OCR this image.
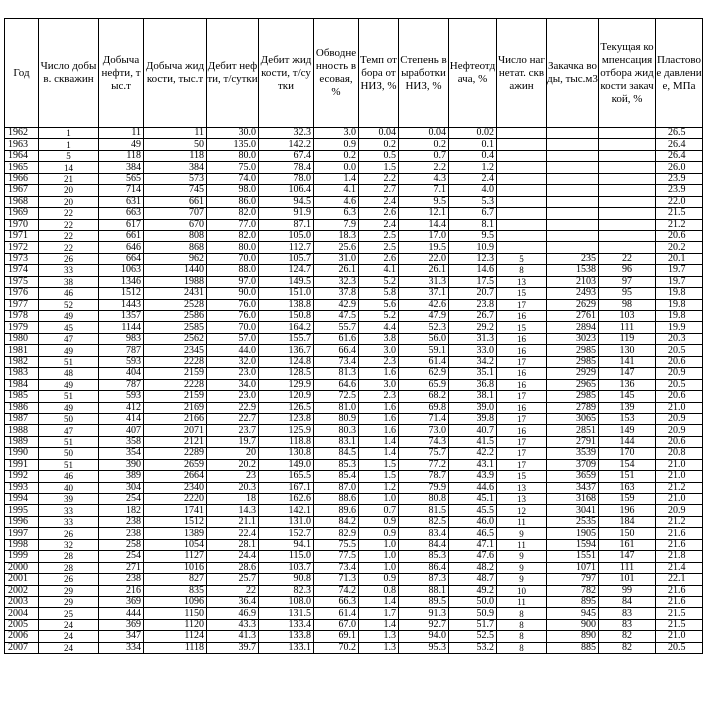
Год	Число добыв. скважин	Добыча нефти, тыс.т	Добыча жидкости, тыс.т	Дебит нефти, т/сутки	Дебит жидкости, т/сутки	Обводненность весовая, %	Темп отбора от НИЗ, %	Степень выработки НИЗ, %	Нефтеотдача, %	Число нагнетат. скважин	Закачка воды, тыс.м3	Текущая компенсация отбора жидкости закачкой, %	Пластовое давление, МПа
1962	1	11	11	30.0	32.3	3.0	0.04	0.04	0.02				26.5
1963	1	49	50	135.0	142.2	0.9	0.2	0.2	0.1				26.4
1964	5	118	118	80.0	67.4	0.2	0.5	0.7	0.4				26.4
1965	14	384	384	75.0	78.4	0.0	1.5	2.2	1.2				26.0
1966	21	565	573	74.0	78.0	1.4	2.2	4.3	2.4				23.9
1967	20	714	745	98.0	106.4	4.1	2.7	7.1	4.0				23.9
1968	20	631	661	86.0	94.5	4.6	2.4	9.5	5.3				22.0
1969	22	663	707	82.0	91.9	6.3	2.6	12.1	6.7				21.5
1970	22	617	670	77.0	87.1	7.9	2.4	14.4	8.1				21.2
1971	22	661	808	82.0	105.0	18.3	2.5	17.0	9.5				20.6
1972	22	646	868	80.0	112.7	25.6	2.5	19.5	10.9				20.2
1973	26	664	962	70.0	105.7	31.0	2.6	22.0	12.3	5	235	22	20.1
1974	33	1063	1440	88.0	124.7	26.1	4.1	26.1	14.6	8	1538	96	19.7
1975	38	1346	1988	97.0	149.5	32.3	5.2	31.3	17.5	13	2103	97	19.7
1976	46	1512	2431	90.0	151.0	37.8	5.8	37.1	20.7	15	2493	95	19.8
1977	52	1443	2528	76.0	138.8	42.9	5.6	42.6	23.8	17	2629	98	19.8
1978	49	1357	2586	76.0	150.8	47.5	5.2	47.9	26.7	16	2761	103	19.8
1979	45	1144	2585	70.0	164.2	55.7	4.4	52.3	29.2	15	2894	111	19.9
1980	47	983	2562	57.0	155.7	61.6	3.8	56.0	31.3	16	3023	119	20.3
1981	49	787	2345	44.0	136.7	66.4	3.0	59.1	33.0	16	2985	130	20.5
1982	51	593	2228	32.0	124.8	73.4	2.3	61.4	34.2	17	2985	141	20.6
1983	48	404	2159	23.0	128.5	81.3	1.6	62.9	35.1	16	2929	147	20.9
1984	49	787	2228	34.0	129.9	64.6	3.0	65.9	36.8	16	2965	136	20.5
1985	51	593	2159	23.0	120.9	72.5	2.3	68.2	38.1	17	2985	145	20.6
1986	49	412	2169	22.9	126.5	81.0	1.6	69.8	39.0	16	2789	139	21.0
1987	50	414	2166	22.7	123.8	80.9	1.6	71.4	39.8	17	3065	153	20.9
1988	47	407	2071	23.7	125.9	80.3	1.6	73.0	40.7	16	2851	149	20.9
1989	51	358	2121	19.7	118.8	83.1	1.4	74.3	41.5	17	2791	144	20.6
1990	50	354	2289	20	130.8	84.5	1.4	75.7	42.2	17	3539	170	20.8
1991	51	390	2659	20.2	149.0	85.3	1.5	77.2	43.1	17	3709	154	21.0
1992	46	389	2664	23	165.5	85.4	1.5	78.7	43.9	15	3659	151	21.0
1993	40	304	2340	20.3	167.1	87.0	1.2	79.9	44.6	13	3437	163	21.2
1994	39	254	2220	18	162.6	88.6	1.0	80.8	45.1	13	3168	159	21.0
1995	33	182	1741	14.3	142.1	89.6	0.7	81.5	45.5	12	3041	196	20.9
1996	33	238	1512	21.1	131.0	84.2	0.9	82.5	46.0	11	2535	184	21.2
1997	26	238	1389	22.4	152.7	82.9	0.9	83.4	46.5	9	1905	150	21.6
1998	32	258	1054	28.1	94.1	75.5	1.0	84.4	47.1	11	1594	161	21.6
1999	28	254	1127	24.4	115.0	77.5	1.0	85.3	47.6	9	1551	147	21.8
2000	28	271	1016	28.6	103.7	73.4	1.0	86.4	48.2	9	1071	111	21.4
2001	26	238	827	25.7	90.8	71.3	0.9	87.3	48.7	9	797	101	22.1
2002	29	216	835	22	82.3	74.2	0.8	88.1	49.2	10	782	99	21.6
2003	29	369	1096	36.4	108.0	66.3	1.4	89.5	50.0	11	895	84	21.6
2004	25	444	1150	46.9	131.5	61.4	1.7	91.3	50.9	8	945	83	21.5
2005	24	369	1120	43.3	133.4	67.0	1.4	92.7	51.7	8	900	83	21.5
2006	24	347	1124	41.3	133.8	69.1	1.3	94.0	52.5	8	890	82	21.0
2007	24	334	1118	39.7	133.1	70.2	1.3	95.3	53.2	8	885	82	20.5
